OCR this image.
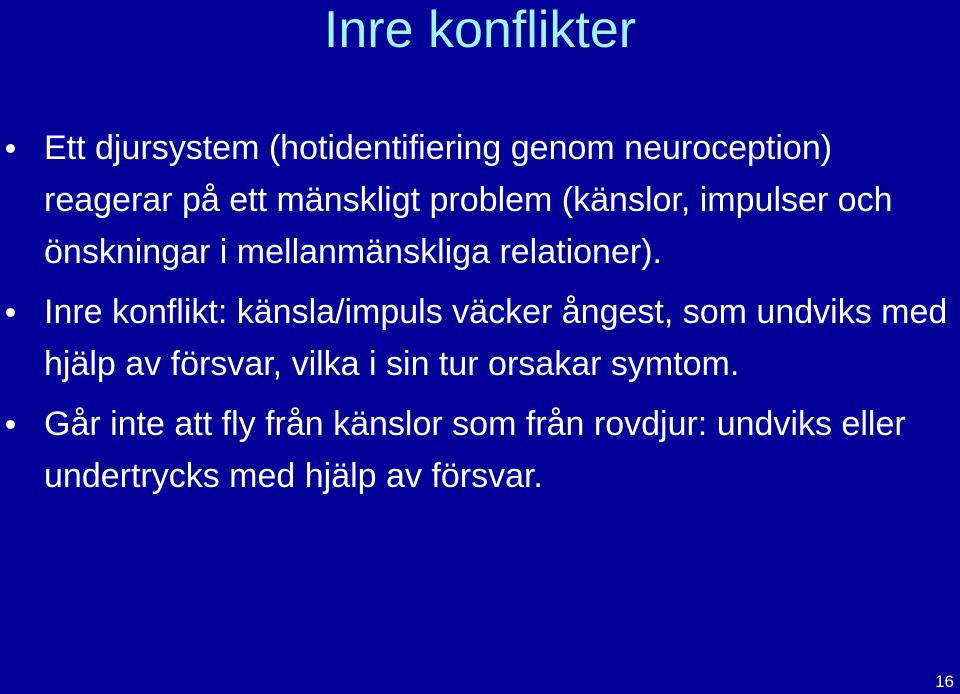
Inre konflikter
Ett djursystem (hotidentifiering genom neuroception) reagerar på ett mänskligt problem (känslor, impulser och önskningar i mellanmänskliga relationer).
Inre konflikt: känsla/impuls väcker ångest, som undviks med hjälp av försvar, vilka i sin tur orsakar symtom.
Går inte att fly från känslor som från rovdjur: undviks eller undertrycks med hjälp av försvar.
16
